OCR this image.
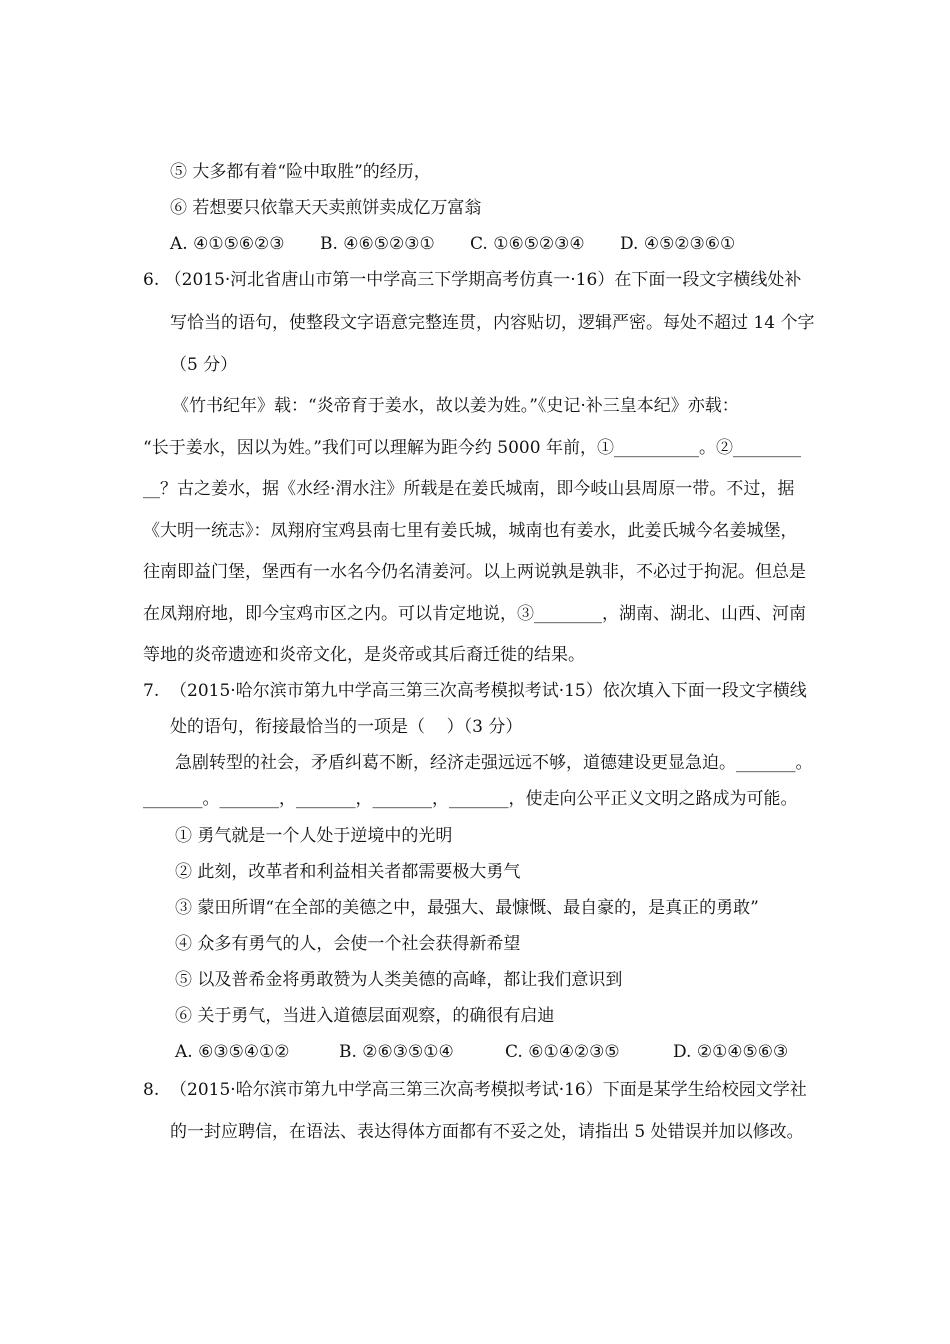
⑤ 大多都有着“险中取胜”的经历，
⑥ 若想要只依靠天天卖煎饼卖成亿万富翁
A. ④①⑤⑥②③ B. ④⑥⑤②③① C. ①⑥⑤②③④ D. ④⑤②③⑥①
6. （2015·河北省唐山市第一中学高三下学期高考仿真一·16）在下面一段文字横线处补
写恰当的语句，使整段文字语意完整连贯，内容贴切，逻辑严密。每处不超过 14 个字
（5 分）
《竹书纪年》载：“炎帝育于姜水，故以姜为姓。”《史记·补三皇本纪》亦载：
“长于姜水，因以为姓。”我们可以理解为距今约 5000 年前，①__________。②________
__？古之姜水，据《水经·渭水注》所载是在姜氏城南，即今岐山县周原一带。不过，据
《大明一统志》：凤翔府宝鸡县南七里有姜氏城，城南也有姜水，此姜氏城今名姜城堡，
往南即益门堡，堡西有一水名今仍名清姜河。以上两说孰是孰非，不必过于拘泥。但总是
在凤翔府地，即今宝鸡市区之内。可以肯定地说，③________，湖南、湖北、山西、河南
等地的炎帝遗迹和炎帝文化，是炎帝或其后裔迁徙的结果。
7.  （2015·哈尔滨市第九中学高三第三次高考模拟考试·15）依次填入下面一段文字横线
处的语句，衔接最恰当的一项是（    ）（3 分）
急剧转型的社会，矛盾纠葛不断，经济走强远远不够，道德建设更显急迫。_______。
_______。_______，_______，_______，_______，使走向公平正义文明之路成为可能。
① 勇气就是一个人处于逆境中的光明
② 此刻，改革者和利益相关者都需要极大勇气
③ 蒙田所谓“在全部的美德之中，最强大、最慷慨、最自豪的，是真正的勇敢”
④ 众多有勇气的人，会使一个社会获得新希望
⑤ 以及普希金将勇敢赞为人类美德的高峰，都让我们意识到
⑥ 关于勇气，当进入道德层面观察，的确很有启迪
A. ⑥③⑤④①②	B. ②⑥③⑤①④	C. ⑥①④②③⑤	D. ②①④⑤⑥③
8.  （2015·哈尔滨市第九中学高三第三次高考模拟考试·16）下面是某学生给校园文学社
的一封应聘信，在语法、表达得体方面都有不妥之处，请指出 5 处错误并加以修改。
